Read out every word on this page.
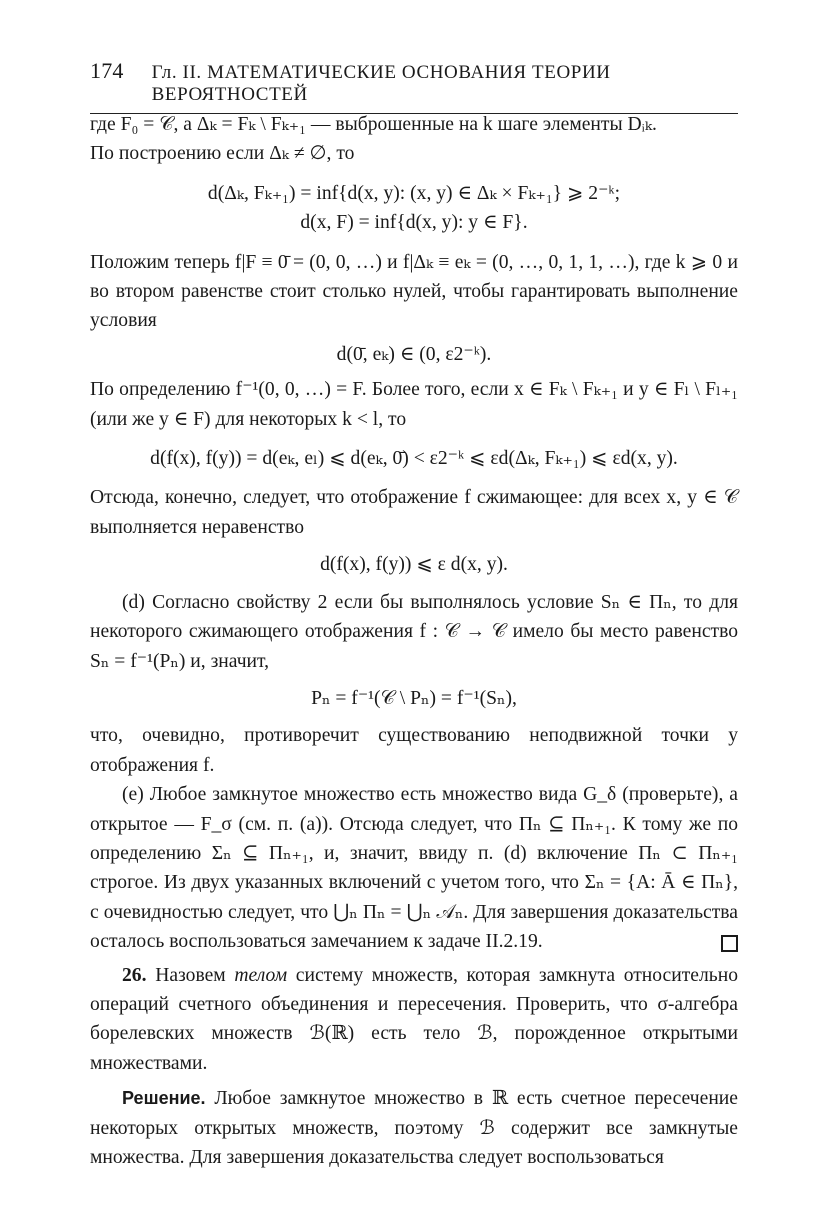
174 Гл. II. МАТЕМАТИЧЕСКИЕ ОСНОВАНИЯ ТЕОРИИ ВЕРОЯТНОСТЕЙ

где F₀ = 𝒞, а Δₖ = Fₖ \ Fₖ₊₁ — выброшенные на k шаге элементы Dᵢₖ.

По построению если Δₖ ≠ ∅, то

d(Δₖ, Fₖ₊₁) = inf{d(x, y): (x, y) ∈ Δₖ × Fₖ₊₁} ⩾ 2⁻ᵏ;
d(x, F) = inf{d(x, y): y ∈ F}.

Положим теперь f|F ≡ 0̄ = (0, 0, …) и f|Δₖ ≡ eₖ = (0, …, 0, 1, 1, …), где k ⩾ 0 и во втором равенстве стоит столько нулей, чтобы гарантировать выполнение условия

d(0̄, eₖ) ∈ (0, ε2⁻ᵏ).

По определению f⁻¹(0, 0, …) = F. Более того, если x ∈ Fₖ \ Fₖ₊₁ и y ∈ Fₗ \ Fₗ₊₁ (или же y ∈ F) для некоторых k < l, то

d(f(x), f(y)) = d(eₖ, eₗ) ⩽ d(eₖ, 0̄) < ε2⁻ᵏ ⩽ εd(Δₖ, Fₖ₊₁) ⩽ εd(x, y).

Отсюда, конечно, следует, что отображение f сжимающее: для всех x, y ∈ 𝒞 выполняется неравенство

d(f(x), f(y)) ⩽ ε d(x, y).

(d) Согласно свойству 2 если бы выполнялось условие Sₙ ∈ Πₙ, то для некоторого сжимающего отображения f : 𝒞 → 𝒞 имело бы место равенство Sₙ = f⁻¹(Pₙ) и, значит,

Pₙ = f⁻¹(𝒞 \ Pₙ) = f⁻¹(Sₙ),

что, очевидно, противоречит существованию неподвижной точки у отображения f.

(e) Любое замкнутое множество есть множество вида G_δ (проверьте), а открытое — F_σ (см. п. (a)). Отсюда следует, что Πₙ ⊆ Πₙ₊₁. К тому же по определению Σₙ ⊆ Πₙ₊₁, и, значит, ввиду п. (d) включение Πₙ ⊂ Πₙ₊₁ строгое. Из двух указанных включений с учетом того, что Σₙ = {A: Ā ∈ Πₙ}, с очевидностью следует, что ⋃ₙ Πₙ = ⋃ₙ 𝒜ₙ. Для завершения доказательства осталось воспользоваться замечанием к задаче II.2.19.

26. Назовем телом систему множеств, которая замкнута относительно операций счетного объединения и пересечения. Проверить, что σ-алгебра борелевских множеств ℬ(ℝ) есть тело ℬ, порожденное открытыми множествами.

Решение. Любое замкнутое множество в ℝ есть счетное пересечение некоторых открытых множеств, поэтому ℬ содержит все замкнутые множества. Для завершения доказательства следует воспользоваться
